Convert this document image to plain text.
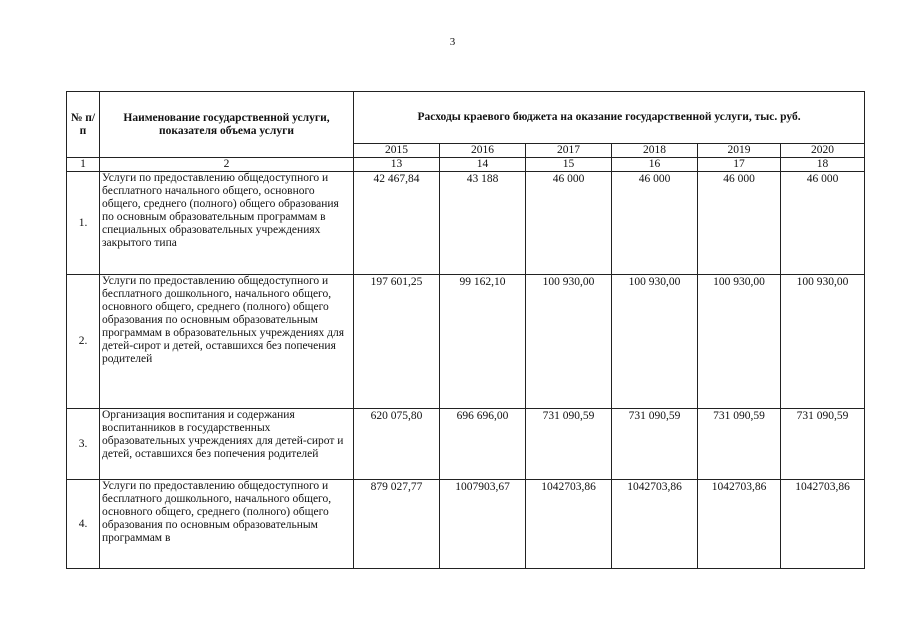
3
№ п/п	Наименование государственной услуги, показателя объема услуги	Расходы краевого бюджета на оказание государственной услуги, тыс. руб.					
		2015	2016	2017	2018	2019	2020
1	2	13	14	15	16	17	18
1.	Услуги по предоставлению общедоступного и бесплатного начального общего, основного общего, среднего (полного) общего образования по основным образовательным программам в специальных образовательных учреждениях закрытого типа	42 467,84	43 188	46 000	46 000	46 000	46 000
2.	Услуги по предоставлению общедоступного и бесплатного дошкольного, начального общего, основного общего, среднего (полного) общего образования по основным образовательным программам в образовательных учреждениях для детей-сирот и детей, оставшихся без попечения родителей	197 601,25	99 162,10	100 930,00	100 930,00	100 930,00	100 930,00
3.	Организация воспитания и содержания воспитанников в государственных образовательных учреждениях для детей-сирот и детей, оставшихся без попечения родителей	620 075,80	696 696,00	731 090,59	731 090,59	731 090,59	731 090,59
4.	Услуги по предоставлению общедоступного и бесплатного дошкольного, начального общего, основного общего, среднего (полного) общего образования по основным образовательным программам в	879 027,77	1007903,67	1042703,86	1042703,86	1042703,86	1042703,86
